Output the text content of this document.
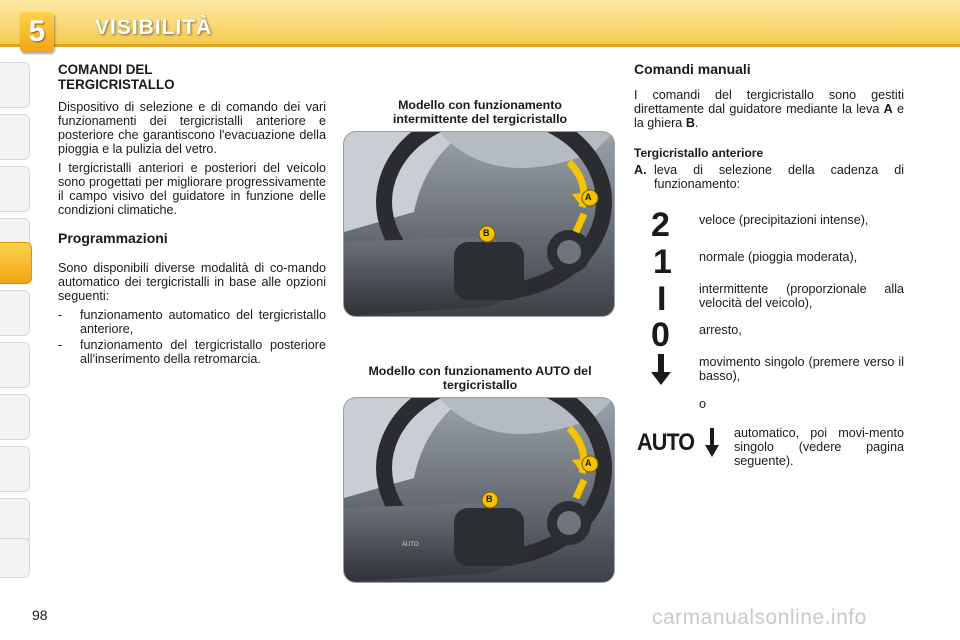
5	VISIBILITÀ
COMANDI DEL TERGICRISTALLO

Dispositivo di selezione e di comando dei vari funzionamenti dei tergicristalli anteriore e posteriore che garantiscono l'evacuazione della pioggia e la pulizia del vetro.

I tergicristalli anteriori e posteriori del veicolo sono progettati per migliorare progressivamente il campo visivo del guidatore in funzione delle condizioni climatiche.

Programmazioni

Sono disponibili diverse modalità di co-mando automatico dei tergicristalli in base alle opzioni seguenti:

-	funzionamento automatico del tergicristallo anteriore,
-	funzionamento del tergicristallo posteriore all'inserimento della retromarcia.
Modello con funzionamento intermittente del tergicristallo
A
B
Modello con funzionamento AUTO del tergicristallo
A
B
AUTO
Comandi manuali

I comandi del tergicristallo sono gestiti direttamente dal guidatore mediante la leva A e la ghiera B.

Tergicristallo anteriore
A. leva di selezione della cadenza di funzionamento:
2 veloce (precipitazioni intense),
1 normale (pioggia moderata),
I	intermittente (proporzionale alla velocità del veicolo),
0 arresto,
movimento singolo (premere verso il basso),
o
AUTO	automatico, poi movi-mento singolo (vedere pagina seguente).
98	carmanualsonline.info
